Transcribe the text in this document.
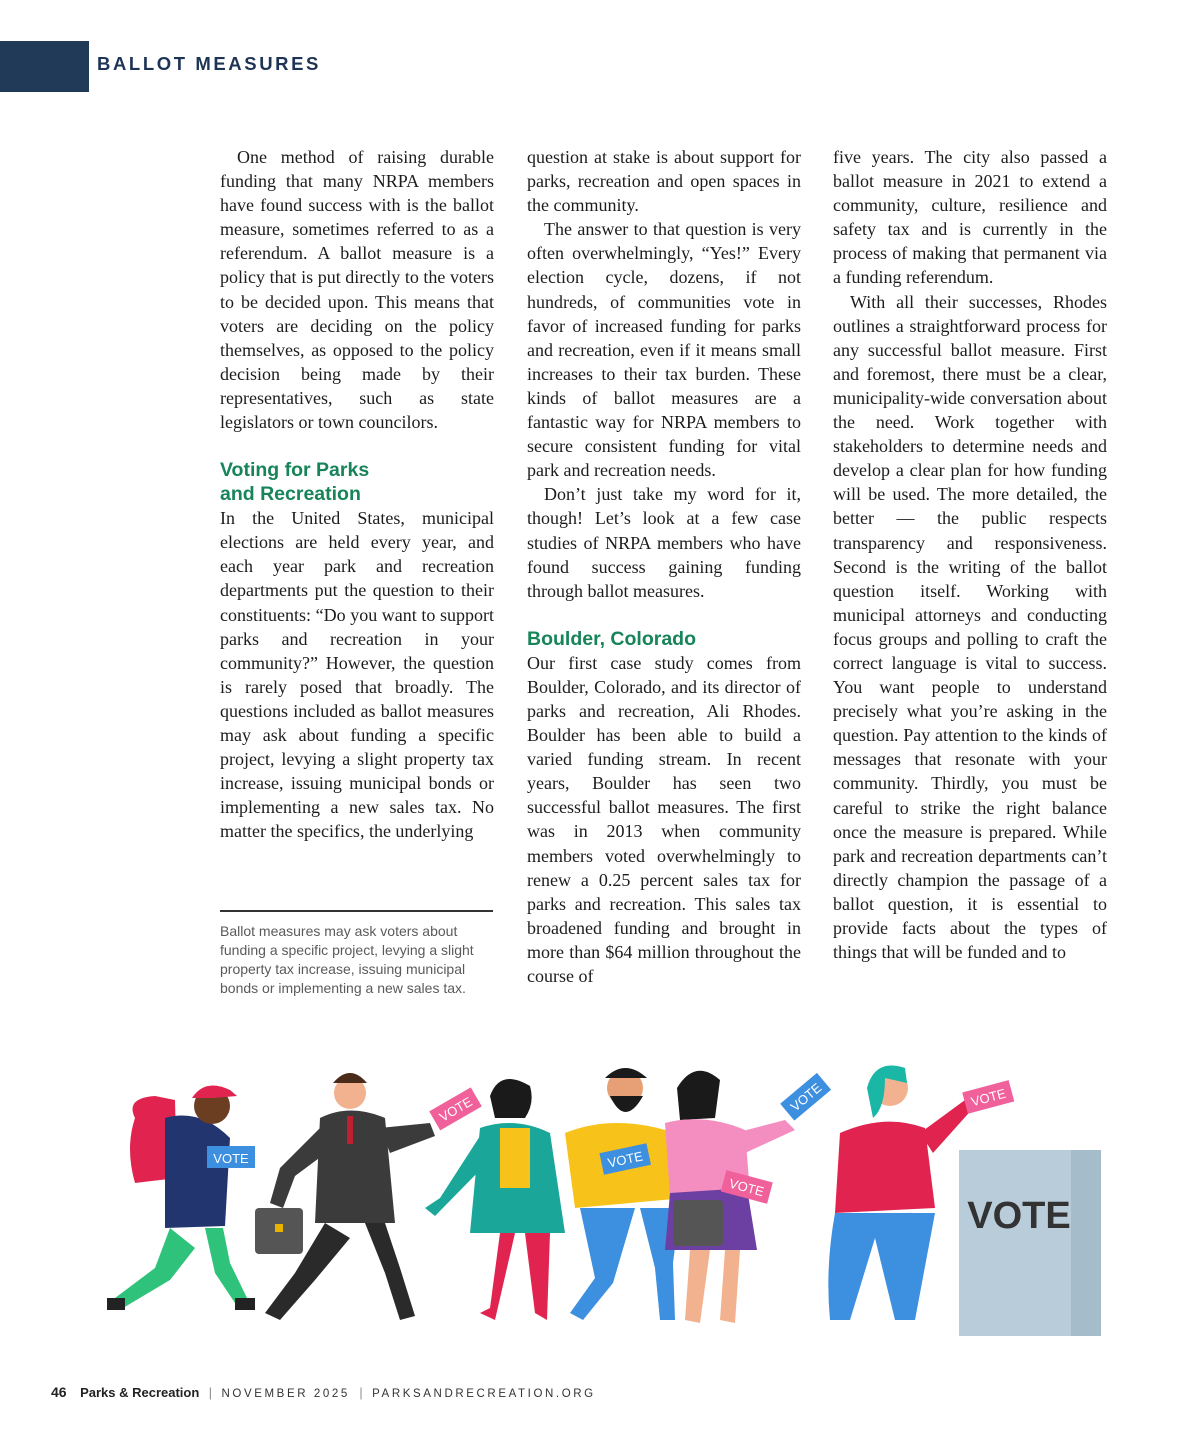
BALLOT MEASURES

One method of raising durable funding that many NRPA members have found success with is the ballot measure, sometimes referred to as a referendum. A ballot measure is a policy that is put directly to the voters to be decided upon. This means that voters are deciding on the policy themselves, as opposed to the policy decision being made by their representatives, such as state legislators or town councilors.

Voting for Parks and Recreation

In the United States, municipal elections are held every year, and each year park and recreation departments put the question to their constituents: “Do you want to support parks and recreation in your community?” However, the question is rarely posed that broadly. The questions included as ballot measures may ask about funding a specific project, levying a slight property tax increase, issuing municipal bonds or implementing a new sales tax. No matter the specifics, the underlying

Ballot measures may ask voters about funding a specific project, levying a slight property tax increase, issuing municipal bonds or implementing a new sales tax.

question at stake is about support for parks, recreation and open spaces in the community.

The answer to that question is very often overwhelmingly, “Yes!” Every election cycle, dozens, if not hundreds, of communities vote in favor of increased funding for parks and recreation, even if it means small increases to their tax burden. These kinds of ballot measures are a fantastic way for NRPA members to secure consistent funding for vital park and recreation needs.

Don’t just take my word for it, though! Let’s look at a few case studies of NRPA members who have found success gaining funding through ballot measures.

Boulder, Colorado

Our first case study comes from Boulder, Colorado, and its director of parks and recreation, Ali Rhodes. Boulder has been able to build a varied funding stream. In recent years, Boulder has seen two successful ballot measures. The first was in 2013 when community members voted overwhelmingly to renew a 0.25 percent sales tax for parks and recreation. This sales tax broadened funding and brought in more than $64 million throughout the course of

five years. The city also passed a ballot measure in 2021 to extend a community, culture, resilience and safety tax and is currently in the process of making that permanent via a funding referendum.

With all their successes, Rhodes outlines a straightforward process for any successful ballot measure. First and foremost, there must be a clear, municipality-wide conversation about the need. Work together with stakeholders to determine needs and develop a clear plan for how funding will be used. The more detailed, the better — the public respects transparency and responsiveness. Second is the writing of the ballot question itself. Working with municipal attorneys and conducting focus groups and polling to craft the correct language is vital to success. You want people to understand precisely what you’re asking in the question. Pay attention to the kinds of messages that resonate with your community. Thirdly, you must be careful to strike the right balance once the measure is prepared. While park and recreation departments can’t directly champion the passage of a ballot question, it is essential to provide facts about the types of things that will be funded and to

VOTE
VOTE
VOTE
VOTE
VOTE
VOTE
VOTE
46 Parks & Recreation | NOVEMBER 2025 | PARKSANDRECREATION.ORG
